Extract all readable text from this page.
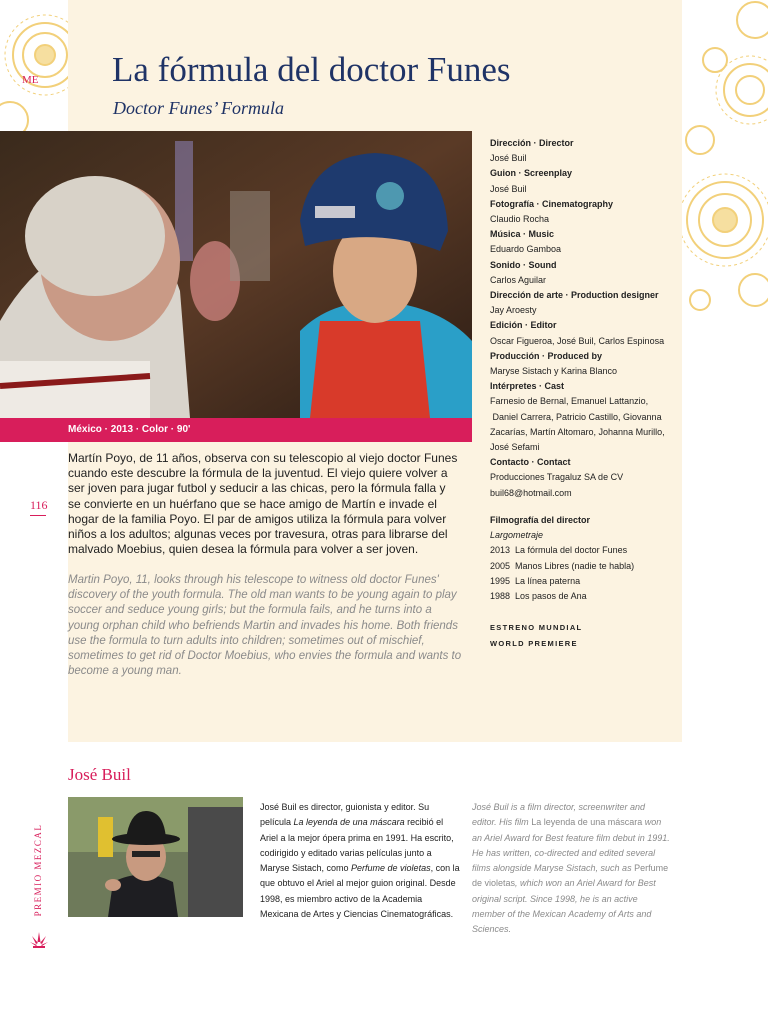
ME La fórmula del doctor Funes
Doctor Funes’ Formula
México · 2013 · Color · 90'
116

Martín Poyo, de 11 años, observa con su telescopio al viejo doctor Funes cuando este descubre la fórmula de la juventud. El viejo quiere volver a ser joven para jugar futbol y seducir a las chicas, pero la fórmula falla y se convierte en un huérfano que se hace amigo de Martín e invade el hogar de la familia Poyo. El par de amigos utiliza la fórmula para volver niños a los adultos; algunas veces por travesura, otras para librarse del malvado Moebius, quien desea la fórmula para volver a ser joven.

Martin Poyo, 11, looks through his telescope to witness old doctor Funes' discovery of the youth formula. The old man wants to be young again to play soccer and seduce young girls; but the formula fails, and he turns into a young orphan child who befriends Martin and invades his home. Both friends use the formula to turn adults into children; sometimes out of mischief, sometimes to get rid of Doctor Moebius, who envies the formula and wants to become a young man.

Dirección · Director
José Buil
Guion · Screenplay
José Buil
Fotografía · Cinematography
Claudio Rocha
Música · Music
Eduardo Gamboa
Sonido · Sound
Carlos Aguilar
Dirección de arte · Production designer
Jay Aroesty
Edición · Editor
Oscar Figueroa, José Buil, Carlos Espinosa
Producción · Produced by
Maryse Sistach y Karina Blanco
Intérpretes · Cast
Farnesio de Bernal, Emanuel Lattanzio,
Daniel Carrera, Patricio Castillo, Giovanna
Zacarías, Martín Altomaro, Johanna Murillo,
José Sefami
Contacto · Contact
Producciones Tragaluz SA de CV
buil68@hotmail.com
Filmografía del director
Largometraje
2013  La fórmula del doctor Funes
2005  Manos Libres (nadie te habla)
1995  La línea paterna
1988  Los pasos de Ana
ESTRENO MUNDIAL
WORLD PREMIERE
José Buil

José Buil es director, guionista y editor. Su película La leyenda de una máscara recibió el Ariel a la mejor ópera prima en 1991. Ha escrito, codirigido y editado varias películas junto a Maryse Sistach, como Perfume de violetas, con la que obtuvo el Ariel al mejor guion original. Desde 1998, es miembro activo de la Academia Mexicana de Artes y Ciencias Cinematográficas.

José Buil is a film director, screenwriter and editor. His film La leyenda de una máscara won an Ariel Award for Best feature film debut in 1991. He has written, co-directed and edited several films alongside Maryse Sistach, such as Perfume de violetas, which won an Ariel Award for Best original script. Since 1998, he is an active member of the Mexican Academy of Arts and Sciences.

PREMIO MEZCAL
